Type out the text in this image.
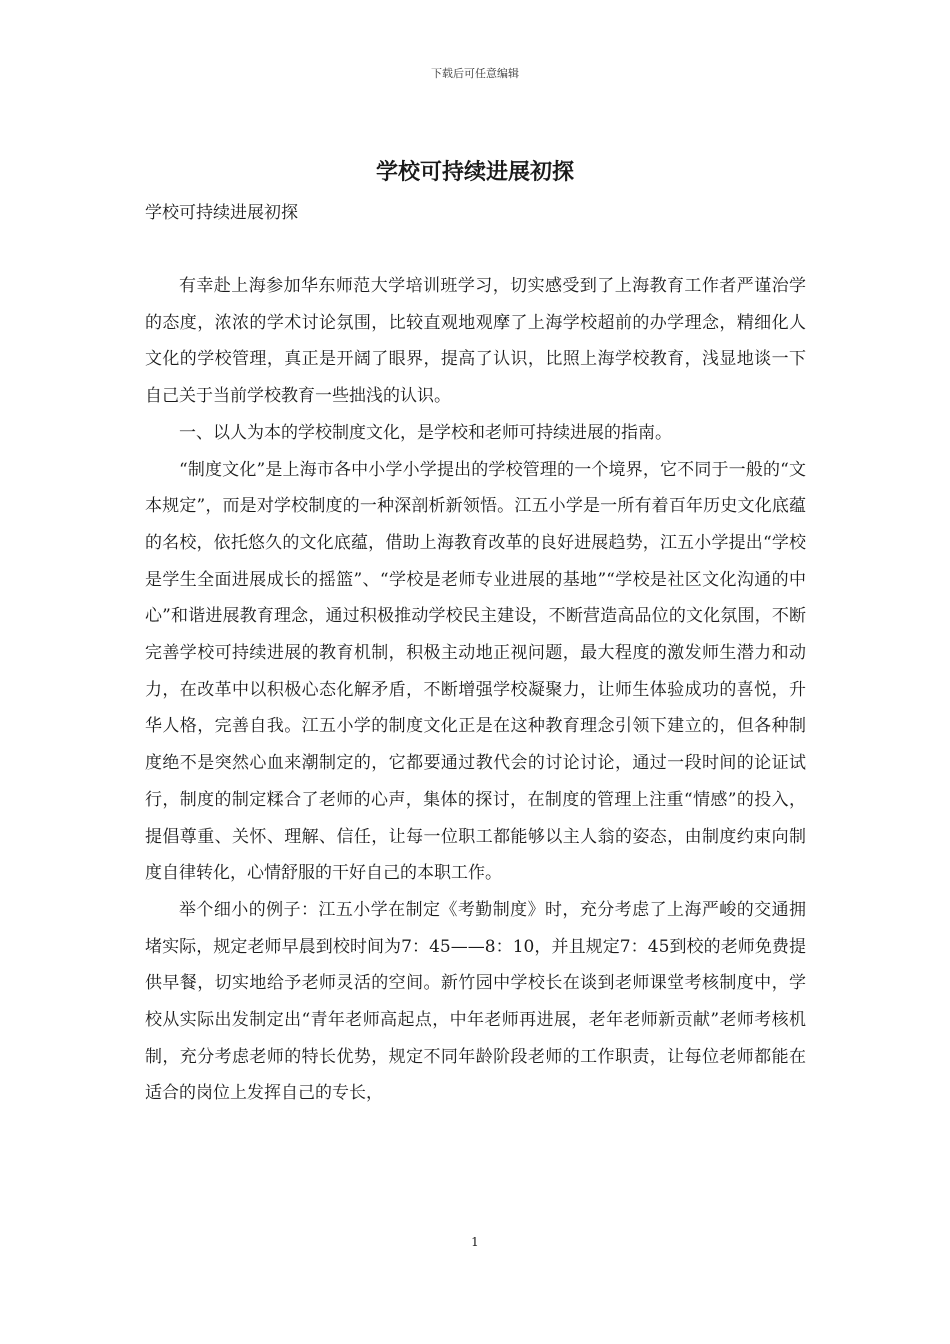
下载后可任意编辑
学校可持续进展初探
学校可持续进展初探

有幸赴上海参加华东师范大学培训班学习，切实感受到了上海教育工作者严谨治学的态度，浓浓的学术讨论氛围，比较直观地观摩了上海学校超前的办学理念，精细化人文化的学校管理，真正是开阔了眼界，提高了认识，比照上海学校教育，浅显地谈一下自己关于当前学校教育一些拙浅的认识。

一、以人为本的学校制度文化，是学校和老师可持续进展的指南。

“制度文化”是上海市各中小学小学提出的学校管理的一个境界，它不同于一般的“文本规定”，而是对学校制度的一种深剖析新领悟。江五小学是一所有着百年历史文化底蕴的名校，依托悠久的文化底蕴，借助上海教育改革的良好进展趋势，江五小学提出“学校是学生全面进展成长的摇篮”、“学校是老师专业进展的基地”“学校是社区文化沟通的中心”和谐进展教育理念，通过积极推动学校民主建设，不断营造高品位的文化氛围，不断完善学校可持续进展的教育机制，积极主动地正视问题，最大程度的激发师生潜力和动力，在改革中以积极心态化解矛盾，不断增强学校凝聚力，让师生体验成功的喜悦，升华人格，完善自我。江五小学的制度文化正是在这种教育理念引领下建立的，但各种制度绝不是突然心血来潮制定的，它都要通过教代会的讨论讨论，通过一段时间的论证试行，制度的制定糅合了老师的心声，集体的探讨，在制度的管理上注重“情感”的投入，提倡尊重、关怀、理解、信任，让每一位职工都能够以主人翁的姿态，由制度约束向制度自律转化，心情舒服的干好自己的本职工作。

举个细小的例子：江五小学在制定《考勤制度》时，充分考虑了上海严峻的交通拥堵实际，规定老师早晨到校时间为7：45——8：10，并且规定7：45到校的老师免费提供早餐，切实地给予老师灵活的空间。新竹园中学校长在谈到老师课堂考核制度中，学校从实际出发制定出“青年老师高起点，中年老师再进展，老年老师新贡献”老师考核机制，充分考虑老师的特长优势，规定不同年龄阶段老师的工作职责，让每位老师都能在适合的岗位上发挥自己的专长，

1
